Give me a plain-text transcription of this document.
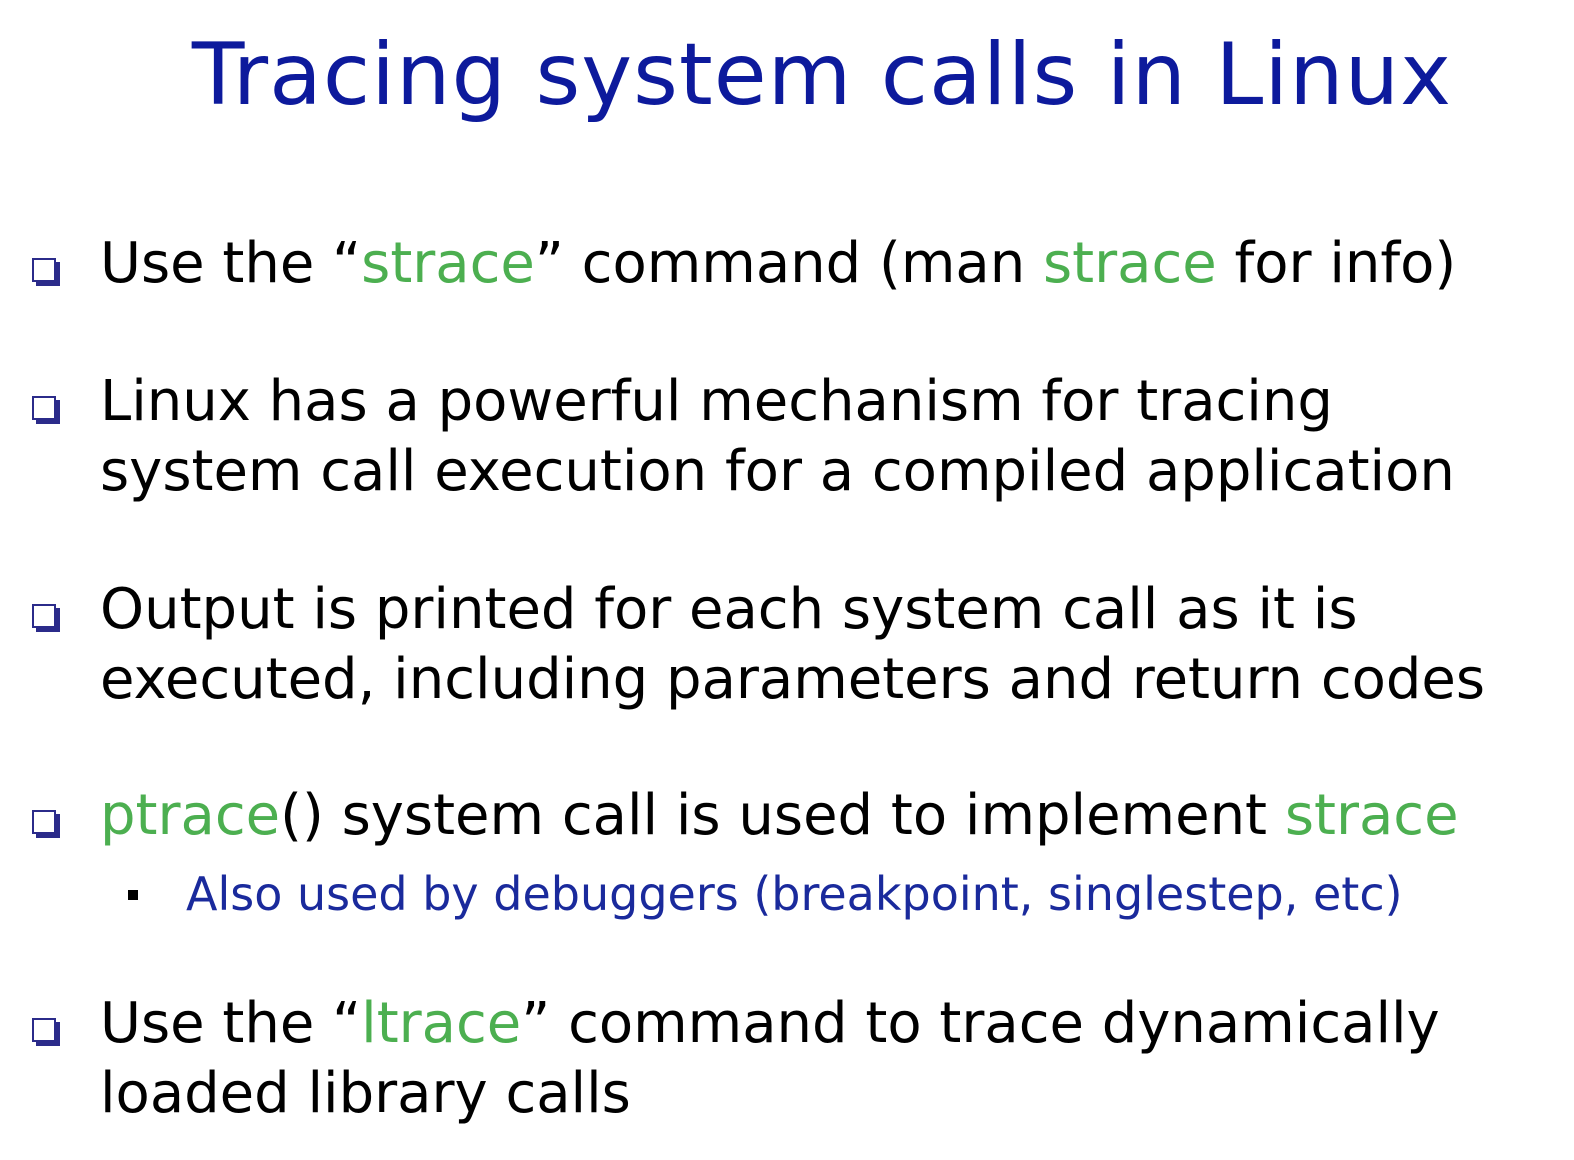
Tracing system calls in Linux
Use the “strace” command (man strace for info)
Linux has a powerful mechanism for tracing
system call execution for a compiled application
Output is printed for each system call as it is
executed, including parameters and return codes
ptrace() system call is used to implement strace
Also used by debuggers (breakpoint, singlestep, etc)
Use the “ltrace” command to trace dynamically
loaded library calls
